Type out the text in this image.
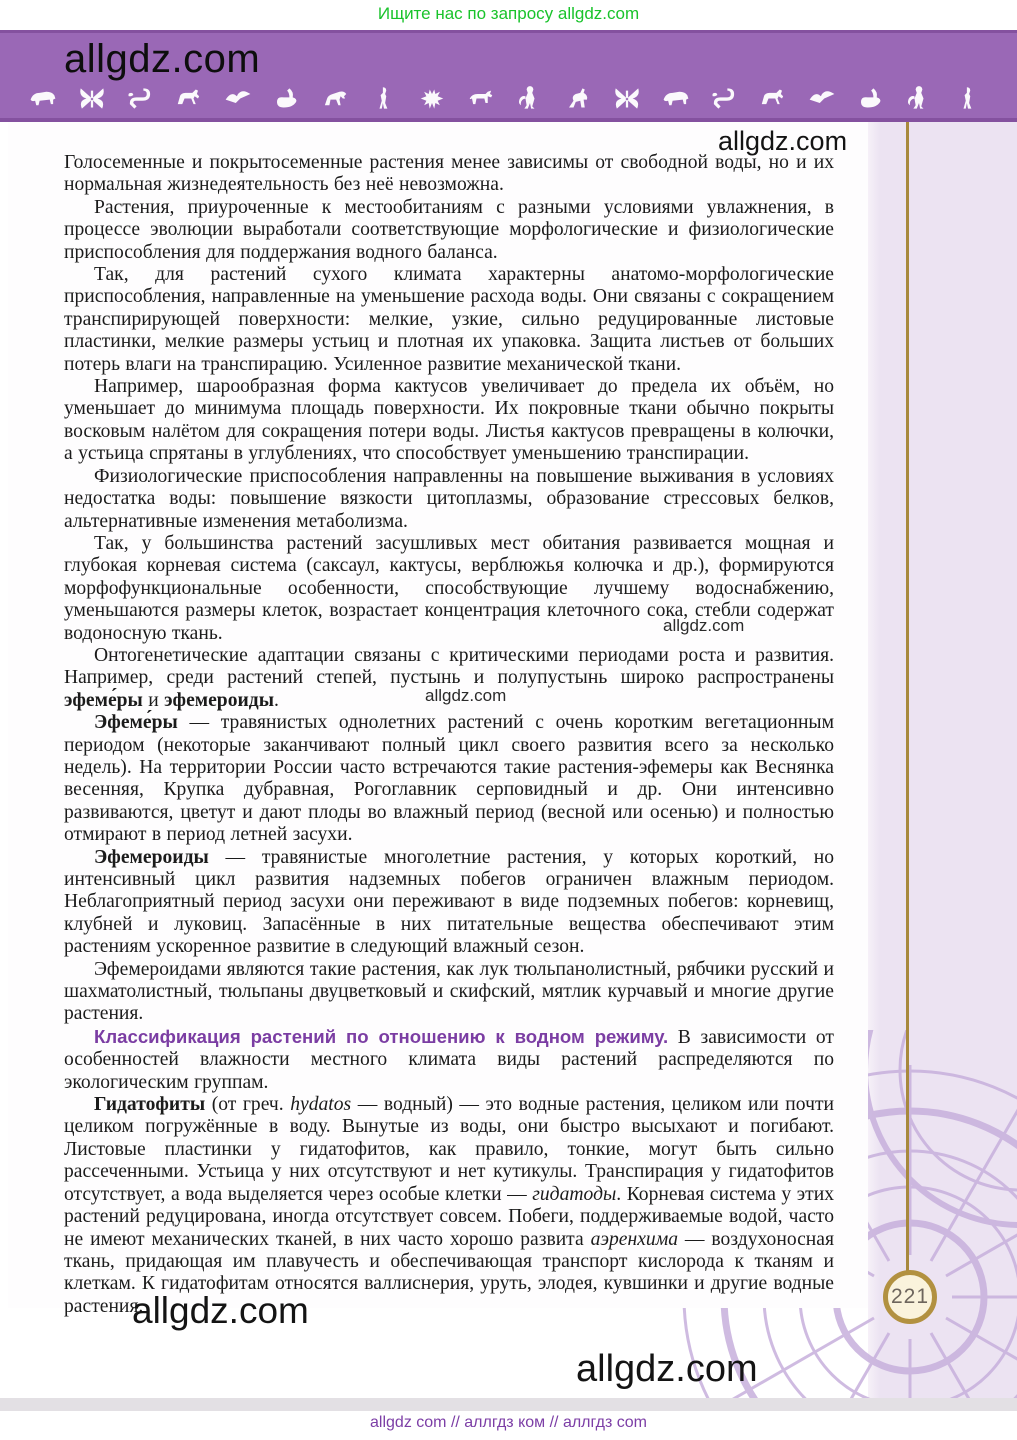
Ищите нас по запросу allgdz.com
allgdz.com

Голосеменные и покрытосеменные растения менее зависимы от свободной воды, но и их нормальная жизнедеятельность без неё невозможна.

Растения, приуроченные к местообитаниям с разными условиями увлажнения, в процессе эволюции выработали соответствующие морфологические и физиологические приспособления для поддержания водного баланса.

Так, для растений сухого климата характерны анатомо-морфологические приспособления, направленные на уменьшение расхода воды. Они связаны с сокращением транспирирующей поверхности: мелкие, узкие, сильно редуцированные листовые пластинки, мелкие размеры устьиц и плотная их упаковка. Защита листьев от больших потерь влаги на транспирацию. Усиленное развитие механической ткани.

Например, шарообразная форма кактусов увеличивает до предела их объём, но уменьшает до минимума площадь поверхности. Их покровные ткани обычно покрыты восковым налётом для сокращения потери воды. Листья кактусов превращены в колючки, а устьица спрятаны в углублениях, что способствует уменьшению транспирации.

Физиологические приспособления направленны на повышение выживания в условиях недостатка воды: повышение вязкости цитоплазмы, образование стрессовых белков, альтернативные изменения метаболизма.

Так, у большинства растений засушливых мест обитания развивается мощная и глубокая корневая система (саксаул, кактусы, верблюжья колючка и др.), формируются морфофункциональные особенности, способствующие лучшему водоснабжению, уменьшаются размеры клеток, возрастает концентрация клеточного сока, стебли содержат водоносную ткань.

Онтогенетические адаптации связаны с критическими периодами роста и развития. Например, среди растений степей, пустынь и полупустынь широко распространены эфеме́ры и эфемероиды.

Эфеме́ры — травянистых однолетних растений с очень коротким вегетационным периодом (некоторые заканчивают полный цикл своего развития всего за несколько недель). На территории России часто встречаются такие растения-эфемеры как Веснянка весенняя, Крупка дубравная, Рогоглавник серповидный и др. Они интенсивно развиваются, цветут и дают плоды во влажный период (весной или осенью) и полностью отмирают в период летней засухи.

Эфемероиды — травянистые многолетние растения, у которых короткий, но интенсивный цикл развития надземных побегов ограничен влажным периодом. Неблагоприятный период засухи они переживают в виде подземных побегов: корневищ, клубней и луковиц. Запасённые в них питательные вещества обеспечивают этим растениям ускоренное развитие в следующий влажный сезон.

Эфемероидами являются такие растения, как лук тюльпанолистный, рябчики русский и шахматолистный, тюльпаны двуцветковый и скифский, мятлик курчавый и многие другие растения.

Классификация растений по отношению к водном режиму. В зависимости от особенностей влажности местного климата виды растений распределяются по экологическим группам.

Гидатофиты (от греч. hydatos — водный) — это водные растения, целиком или почти целиком погружённые в воду. Вынутые из воды, они быстро высыхают и погибают. Листовые пластинки у гидатофитов, как правило, тонкие, могут быть сильно рассеченными. Устьица у них отсутствуют и нет кутикулы. Транспирация у гидатофитов отсутствует, а вода выделяется через особые клетки — гидатоды. Корневая система у этих растений редуцирована, иногда отсутствует совсем. Побеги, поддерживаемые водой, часто не имеют механических тканей, в них часто хорошо развита аэренхима — воздухоносная ткань, придающая им плавучесть и обеспечивающая транспорт кислорода к тканям и клеткам. К гидатофитам относятся валлиснерия, уруть, элодея, кувшинки и другие водные растения.	221
allgdz.com
allgdz.com
allgdz.com
allgdz.com
allgdz.com
allgdz com // аллгдз ком // аллгдз com
